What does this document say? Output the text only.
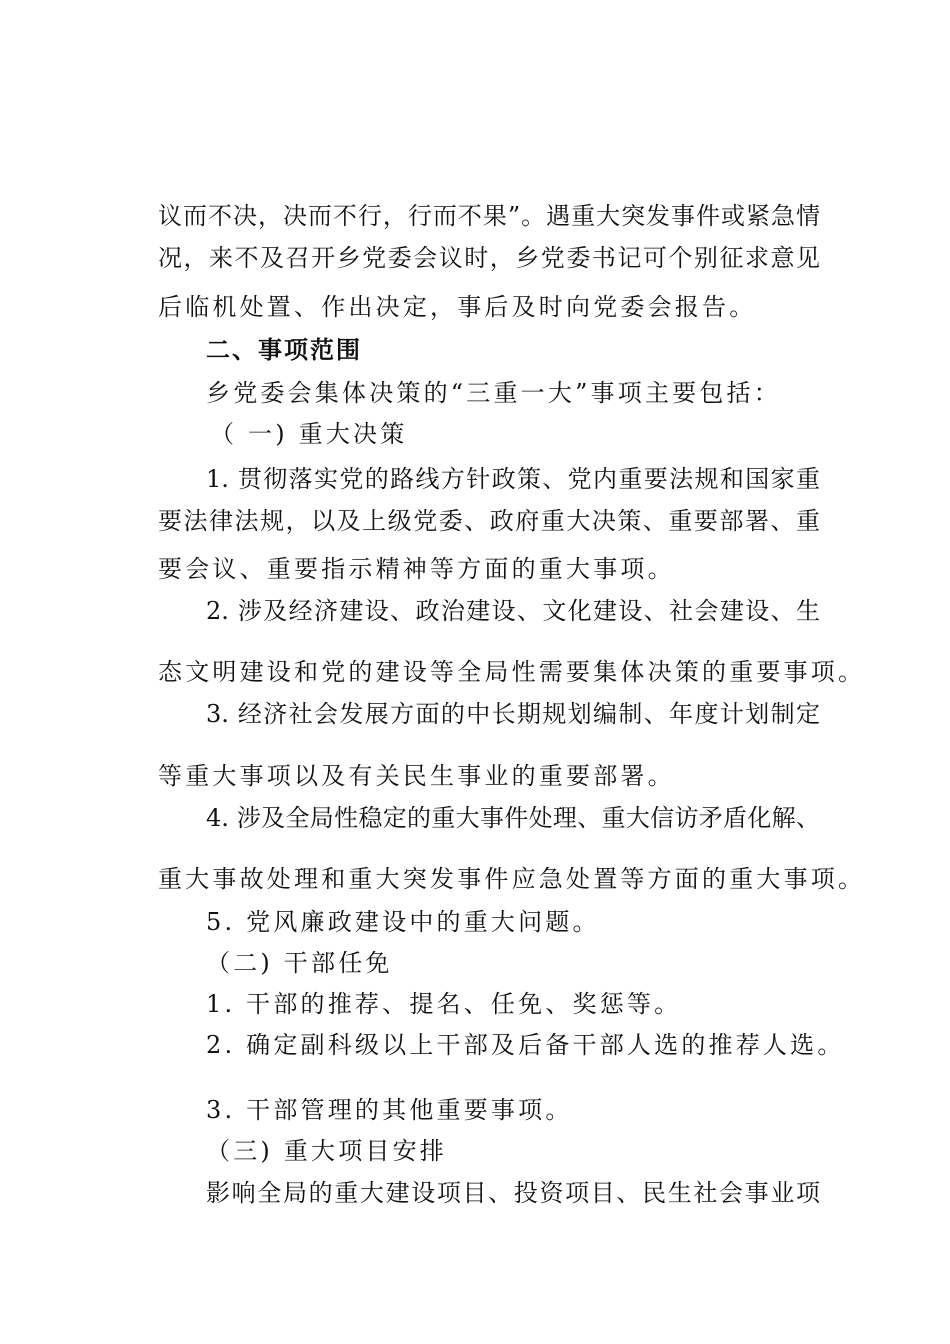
议而不决，决而不行，行而不果”。遇重大突发事件或紧急情
况，来不及召开乡党委会议时，乡党委书记可个别征求意见
后临机处置、作出决定，事后及时向党委会报告。
二、事项范围
乡党委会集体决策的“三重一大”事项主要包括：
（ 一) 重大决策
1. 贯彻落实党的路线方针政策、党内重要法规和国家重
要法律法规，以及上级党委、政府重大决策、重要部署、重
要会议、重要指示精神等方面的重大事项。
2. 涉及经济建设、政治建设、文化建设、社会建设、生
态文明建设和党的建设等全局性需要集体决策的重要事项。
3. 经济社会发展方面的中长期规划编制、年度计划制定
等重大事项以及有关民生事业的重要部署。
4. 涉及全局性稳定的重大事件处理、重大信访矛盾化解、
重大事故处理和重大突发事件应急处置等方面的重大事项。
5. 党风廉政建设中的重大问题。
（二) 干部任免
1. 干部的推荐、提名、任免、奖惩等。
2. 确定副科级以上干部及后备干部人选的推荐人选。
3. 干部管理的其他重要事项。
（三) 重大项目安排
影响全局的重大建设项目、投资项目、民生社会事业项
